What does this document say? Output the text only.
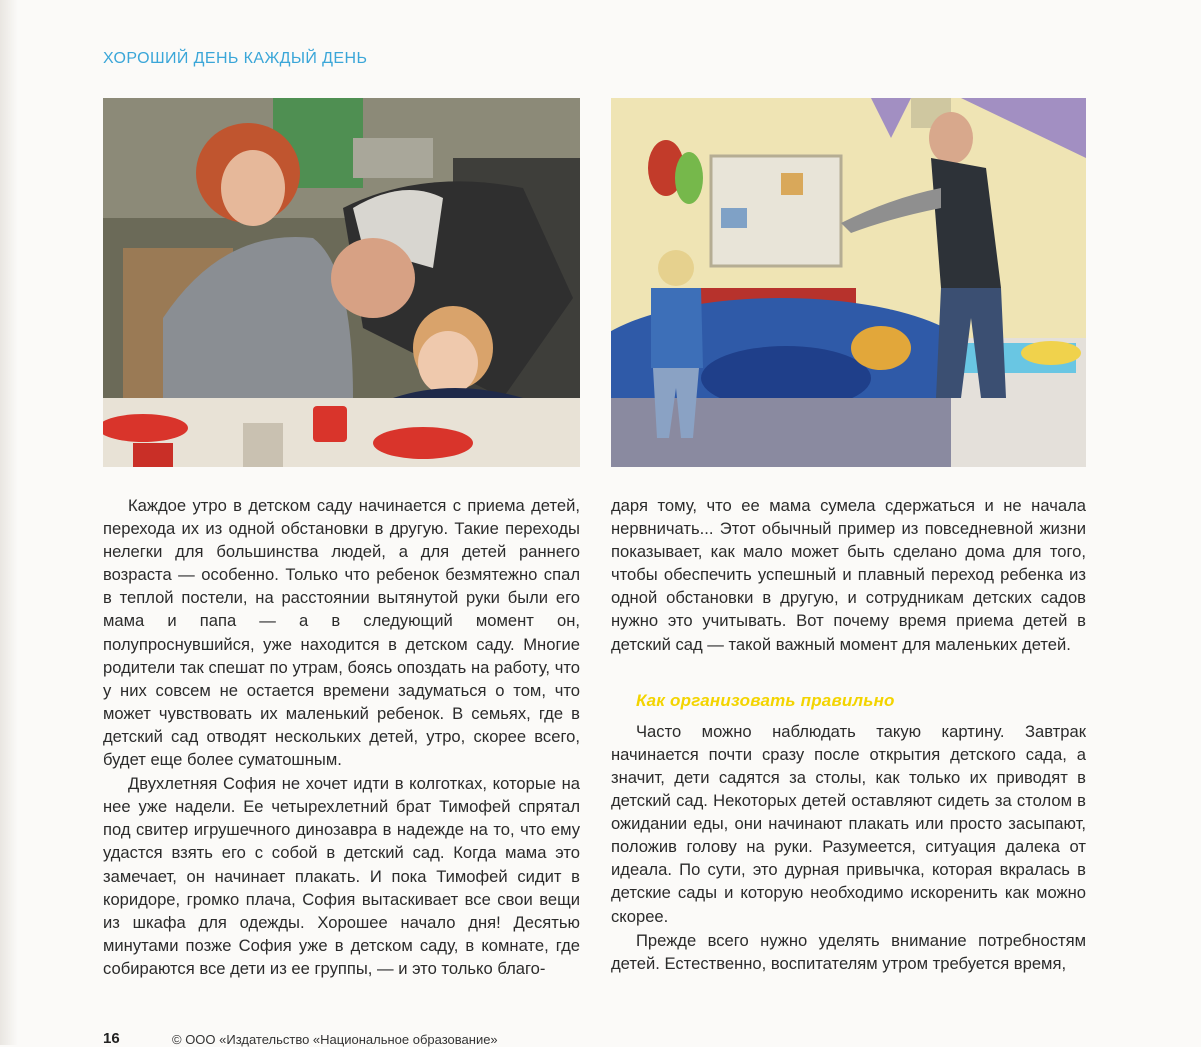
ХОРОШИЙ ДЕНЬ КАЖДЫЙ ДЕНЬ

Каждое утро в детском саду начинается с приема детей, перехода их из одной обстановки в другую. Такие переходы нелегки для большинства людей, а для детей раннего возраста — особенно. Только что ребенок безмятежно спал в теплой постели, на расстоянии вытянутой руки были его мама и папа — а в следующий момент он, полупроснувшийся, уже находится в детском саду. Многие родители так спешат по утрам, боясь опоздать на работу, что у них совсем не остается времени задуматься о том, что может чувствовать их маленький ребенок. В семьях, где в детский сад отводят нескольких детей, утро, скорее всего, будет еще более суматошным.

Двухлетняя София не хочет идти в колготках, которые на нее уже надели. Ее четырехлетний брат Тимофей спрятал под свитер игрушечного динозавра в надежде на то, что ему удастся взять его с собой в детский сад. Когда мама это замечает, он начинает плакать. И пока Тимофей сидит в коридоре, громко плача, София вытаскивает все свои вещи из шкафа для одежды. Хорошее начало дня! Десятью минутами позже София уже в детском саду, в комнате, где собираются все дети из ее группы, — и это только благо-

даря тому, что ее мама сумела сдержаться и не начала нервничать... Этот обычный пример из повседневной жизни показывает, как мало может быть сделано дома для того, чтобы обеспечить успешный и плавный переход ребенка из одной обстановки в другую, и сотрудникам детских садов нужно это учитывать. Вот почему время приема детей в детский сад — такой важный момент для маленьких детей.

Как организовать правильно

Часто можно наблюдать такую картину. Завтрак начинается почти сразу после открытия детского сада, а значит, дети садятся за столы, как только их приводят в детский сад. Некоторых детей оставляют сидеть за столом в ожидании еды, они начинают плакать или просто засыпают, положив голову на руки. Разумеется, ситуация далека от идеала. По сути, это дурная привычка, которая вкралась в детские сады и которую необходимо искоренить как можно скорее.

Прежде всего нужно уделять внимание потребностям детей. Естественно, воспитателям утром требуется время,

16	© ООО «Издательство «Национальное образование»
